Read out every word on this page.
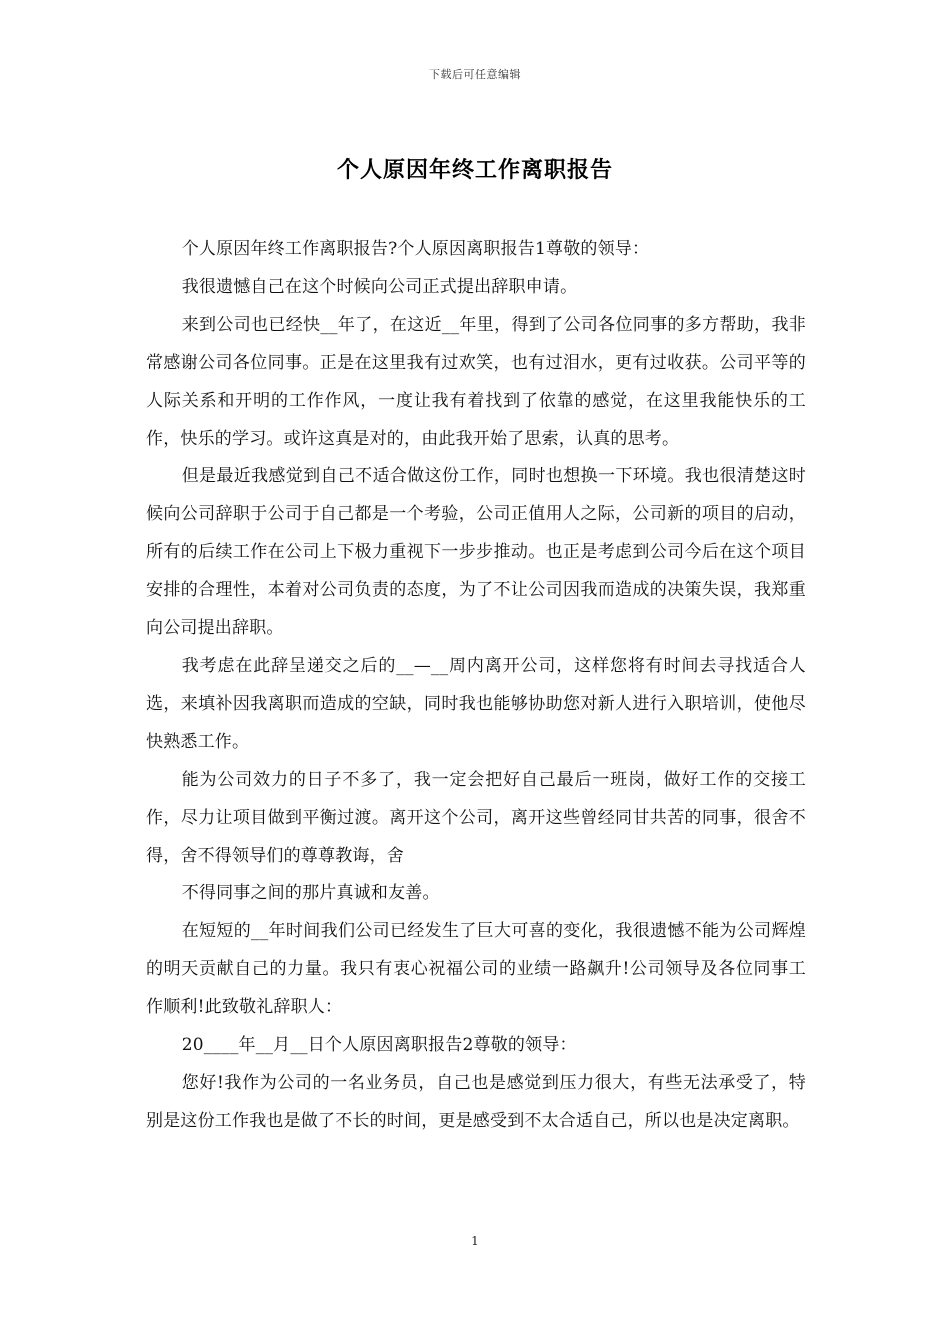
下载后可任意编辑
个人原因年终工作离职报告

个人原因年终工作离职报告?个人原因离职报告1尊敬的领导：

我很遗憾自己在这个时候向公司正式提出辞职申请。

来到公司也已经快__年了，在这近__年里，得到了公司各位同事的多方帮助，我非常感谢公司各位同事。正是在这里我有过欢笑，也有过泪水，更有过收获。公司平等的人际关系和开明的工作作风，一度让我有着找到了依靠的感觉，在这里我能快乐的工作，快乐的学习。或许这真是对的，由此我开始了思索，认真的思考。

但是最近我感觉到自己不适合做这份工作，同时也想换一下环境。我也很清楚这时候向公司辞职于公司于自己都是一个考验，公司正值用人之际，公司新的项目的启动，所有的后续工作在公司上下极力重视下一步步推动。也正是考虑到公司今后在这个项目安排的合理性，本着对公司负责的态度，为了不让公司因我而造成的决策失误，我郑重向公司提出辞职。

我考虑在此辞呈递交之后的__—__周内离开公司，这样您将有时间去寻找适合人选，来填补因我离职而造成的空缺，同时我也能够协助您对新人进行入职培训，使他尽快熟悉工作。

能为公司效力的日子不多了，我一定会把好自己最后一班岗，做好工作的交接工作，尽力让项目做到平衡过渡。离开这个公司，离开这些曾经同甘共苦的同事，很舍不得，舍不得领导们的尊尊教诲，舍

不得同事之间的那片真诚和友善。

在短短的__年时间我们公司已经发生了巨大可喜的变化，我很遗憾不能为公司辉煌的明天贡献自己的力量。我只有衷心祝福公司的业绩一路飙升!公司领导及各位同事工作顺利!此致敬礼辞职人：

20____年__月__日个人原因离职报告2尊敬的领导：

您好!我作为公司的一名业务员，自己也是感觉到压力很大，有些无法承受了，特别是这份工作我也是做了不长的时间，更是感受到不太合适自己，所以也是决定离职。

1
